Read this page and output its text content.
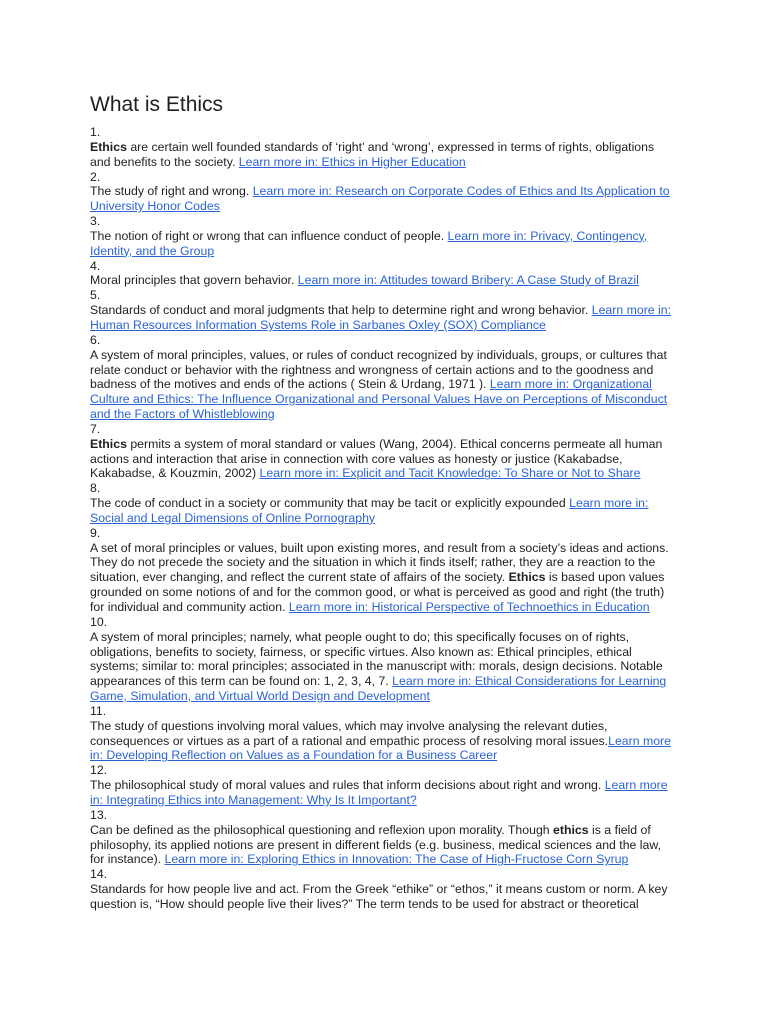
What is Ethics
1.
Ethics are certain well founded standards of ‘right’ and ‘wrong’, expressed in terms of rights, obligations and benefits to the society. Learn more in: Ethics in Higher Education
2.
The study of right and wrong. Learn more in: Research on Corporate Codes of Ethics and Its Application to University Honor Codes
3.
The notion of right or wrong that can influence conduct of people. Learn more in: Privacy, Contingency, Identity, and the Group
4.
Moral principles that govern behavior. Learn more in: Attitudes toward Bribery: A Case Study of Brazil
5.
Standards of conduct and moral judgments that help to determine right and wrong behavior. Learn more in: Human Resources Information Systems Role in Sarbanes Oxley (SOX) Compliance
6.
A system of moral principles, values, or rules of conduct recognized by individuals, groups, or cultures that relate conduct or behavior with the rightness and wrongness of certain actions and to the goodness and badness of the motives and ends of the actions ( Stein & Urdang, 1971 ). Learn more in: Organizational Culture and Ethics: The Influence Organizational and Personal Values Have on Perceptions of Misconduct and the Factors of Whistleblowing
7.
Ethics permits a system of moral standard or values (Wang, 2004). Ethical concerns permeate all human actions and interaction that arise in connection with core values as honesty or justice (Kakabadse, Kakabadse, & Kouzmin, 2002) Learn more in: Explicit and Tacit Knowledge: To Share or Not to Share
8.
The code of conduct in a society or community that may be tacit or explicitly expounded Learn more in: Social and Legal Dimensions of Online Pornography
9.
A set of moral principles or values, built upon existing mores, and result from a society’s ideas and actions. They do not precede the society and the situation in which it finds itself; rather, they are a reaction to the situation, ever changing, and reflect the current state of affairs of the society. Ethics is based upon values grounded on some notions of and for the common good, or what is perceived as good and right (the truth) for individual and community action. Learn more in: Historical Perspective of Technoethics in Education
10.
A system of moral principles; namely, what people ought to do; this specifically focuses on of rights, obligations, benefits to society, fairness, or specific virtues. Also known as: Ethical principles, ethical systems; similar to: moral principles; associated in the manuscript with: morals, design decisions. Notable appearances of this term can be found on: 1, 2, 3, 4, 7. Learn more in: Ethical Considerations for Learning Game, Simulation, and Virtual World Design and Development
11.
The study of questions involving moral values, which may involve analysing the relevant duties, consequences or virtues as a part of a rational and empathic process of resolving moral issues.Learn more in: Developing Reflection on Values as a Foundation for a Business Career
12.
The philosophical study of moral values and rules that inform decisions about right and wrong. Learn more in: Integrating Ethics into Management: Why Is It Important?
13.
Can be defined as the philosophical questioning and reflexion upon morality. Though ethics is a field of philosophy, its applied notions are present in different fields (e.g. business, medical sciences and the law, for instance). Learn more in: Exploring Ethics in Innovation: The Case of High-Fructose Corn Syrup
14.
Standards for how people live and act. From the Greek “ethike” or “ethos,” it means custom or norm. A key question is, “How should people live their lives?” The term tends to be used for abstract or theoretical
